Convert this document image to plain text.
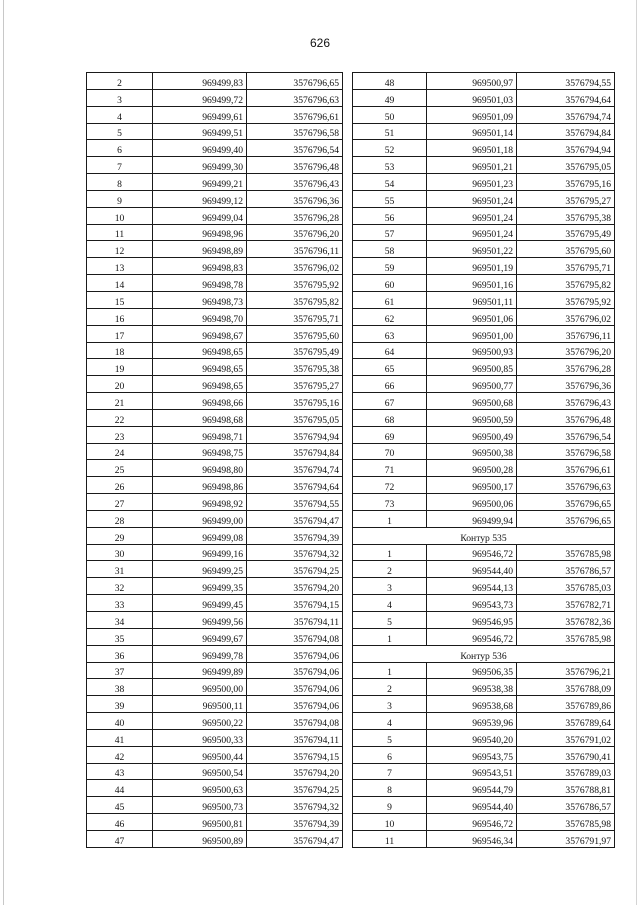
626
2	969499,83	3576796,65
3	969499,72	3576796,63
4	969499,61	3576796,61
5	969499,51	3576796,58
6	969499,40	3576796,54
7	969499,30	3576796,48
8	969499,21	3576796,43
9	969499,12	3576796,36
10	969499,04	3576796,28
11	969498,96	3576796,20
12	969498,89	3576796,11
13	969498,83	3576796,02
14	969498,78	3576795,92
15	969498,73	3576795,82
16	969498,70	3576795,71
17	969498,67	3576795,60
18	969498,65	3576795,49
19	969498,65	3576795,38
20	969498,65	3576795,27
21	969498,66	3576795,16
22	969498,68	3576795,05
23	969498,71	3576794,94
24	969498,75	3576794,84
25	969498,80	3576794,74
26	969498,86	3576794,64
27	969498,92	3576794,55
28	969499,00	3576794,47
29	969499,08	3576794,39
30	969499,16	3576794,32
31	969499,25	3576794,25
32	969499,35	3576794,20
33	969499,45	3576794,15
34	969499,56	3576794,11
35	969499,67	3576794,08
36	969499,78	3576794,06
37	969499,89	3576794,06
38	969500,00	3576794,06
39	969500,11	3576794,06
40	969500,22	3576794,08
41	969500,33	3576794,11
42	969500,44	3576794,15
43	969500,54	3576794,20
44	969500,63	3576794,25
45	969500,73	3576794,32
46	969500,81	3576794,39
47	969500,89	3576794,47
48	969500,97	3576794,55
49	969501,03	3576794,64
50	969501,09	3576794,74
51	969501,14	3576794,84
52	969501,18	3576794,94
53	969501,21	3576795,05
54	969501,23	3576795,16
55	969501,24	3576795,27
56	969501,24	3576795,38
57	969501,24	3576795,49
58	969501,22	3576795,60
59	969501,19	3576795,71
60	969501,16	3576795,82
61	969501,11	3576795,92
62	969501,06	3576796,02
63	969501,00	3576796,11
64	969500,93	3576796,20
65	969500,85	3576796,28
66	969500,77	3576796,36
67	969500,68	3576796,43
68	969500,59	3576796,48
69	969500,49	3576796,54
70	969500,38	3576796,58
71	969500,28	3576796,61
72	969500,17	3576796,63
73	969500,06	3576796,65
1	969499,94	3576796,65
Контур 535		
1	969546,72	3576785,98
2	969544,40	3576786,57
3	969544,13	3576785,03
4	969543,73	3576782,71
5	969546,95	3576782,36
1	969546,72	3576785,98
Контур 536		
1	969506,35	3576796,21
2	969538,38	3576788,09
3	969538,68	3576789,86
4	969539,96	3576789,64
5	969540,20	3576791,02
6	969543,75	3576790,41
7	969543,51	3576789,03
8	969544,79	3576788,81
9	969544,40	3576786,57
10	969546,72	3576785,98
11	969546,34	3576791,97
